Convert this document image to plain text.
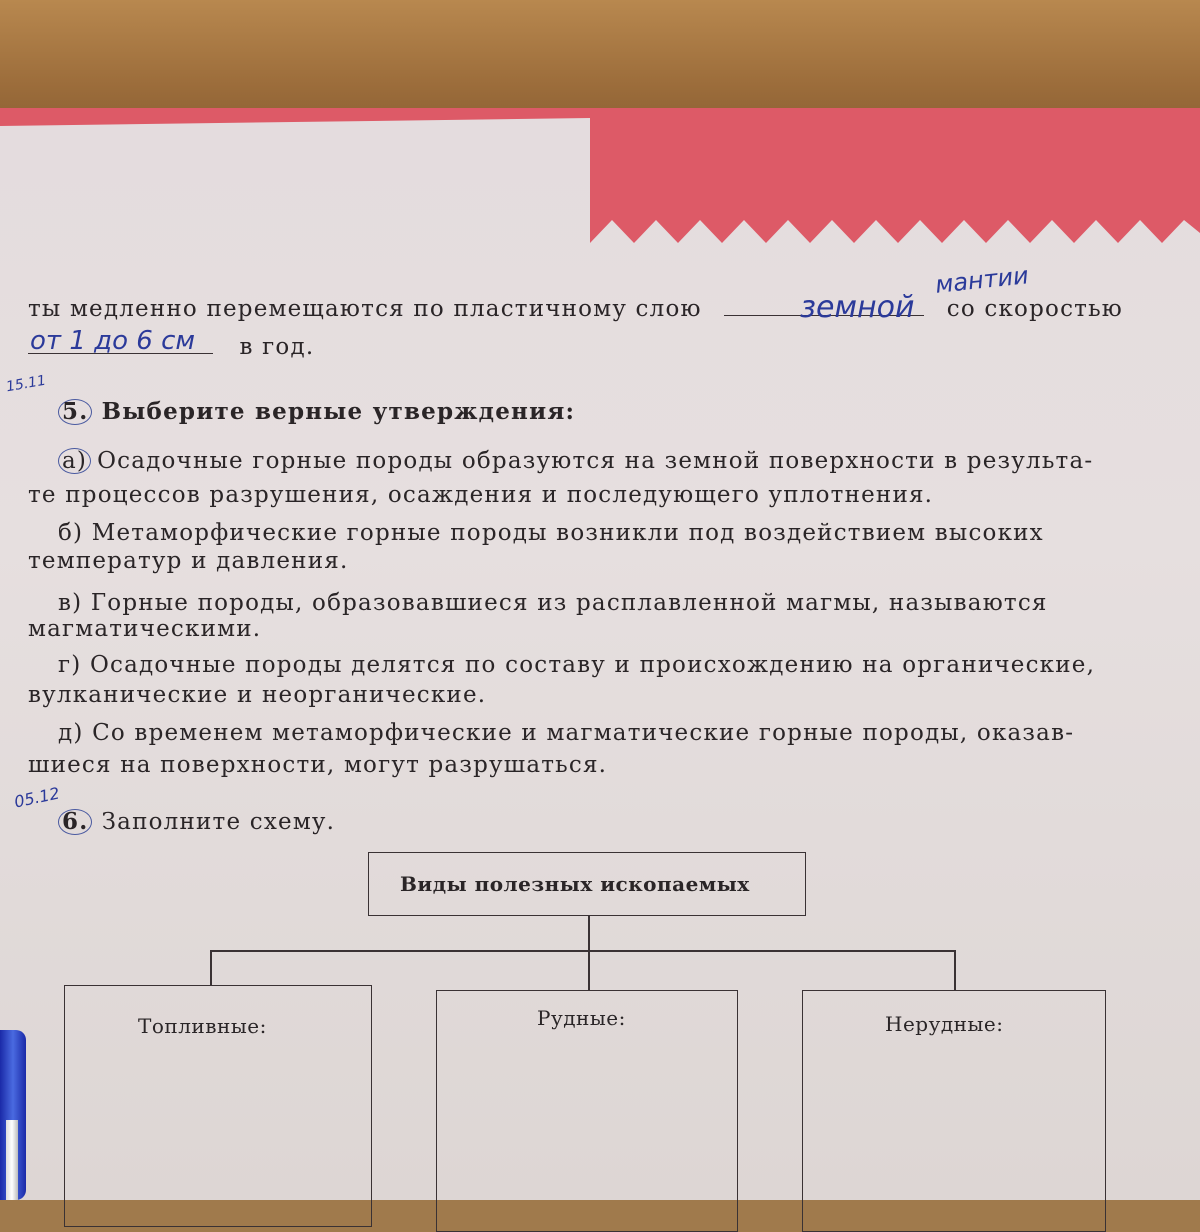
ты медленно перемещаются по пластичному слою	со скоростью
в год.
земной
мантии
от 1 до 6 см
15.11
05.12
5. Выберите верные утверждения:
а) Осадочные горные породы образуются на земной поверхности в результа-
те процессов разрушения, осаждения и последующего уплотнения.
б) Метаморфические горные породы возникли под воздействием высоких
температур и давления.
в) Горные породы, образовавшиеся из расплавленной магмы, называются
магматическими.
г) Осадочные породы делятся по составу и происхождению на органические,
вулканические и неорганические.
д) Со временем метаморфические и магматические горные породы, оказав-
шиеся на поверхности, могут разрушаться.
6. Заполните схему.
Виды полезных ископаемых
Топливные:	Рудные:	Нерудные:
